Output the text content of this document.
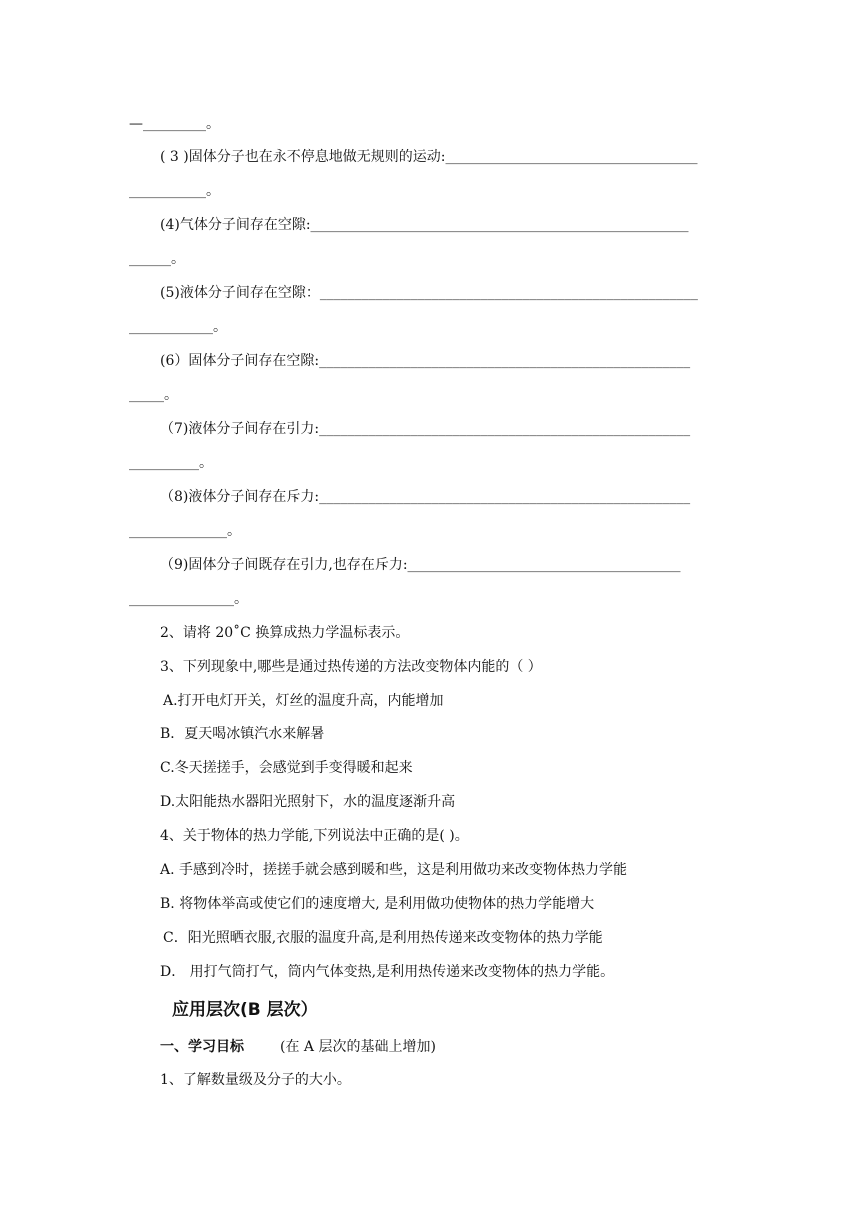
—_________。
( 3 )固体分子也在永不停息地做无规则的运动:____________________________________
___________。
(4)气体分子间存在空隙:______________________________________________________
______。
(5)液体分子间存在空隙：______________________________________________________
____________。
(6）固体分子间存在空隙:_____________________________________________________
_____。
（7)液体分子间存在引力:_____________________________________________________
__________。
（8)液体分子间存在斥力:_____________________________________________________
______________。
（9)固体分子间既存在引力,也存在斥力:_______________________________________
_______________。
2、请将 20˚C 换算成热力学温标表示。
3、下列现象中,哪些是通过热传递的方法改变物体内能的（ ）
A.打开电灯开关，灯丝的温度升高，内能增加
B．夏天喝冰镇汽水来解暑
C.冬天搓搓手，会感觉到手变得暖和起来
D.太阳能热水器阳光照射下，水的温度逐渐升高
4、关于物体的热力学能,下列说法中正确的是( )。
A. 手感到冷时，搓搓手就会感到暖和些，这是利用做功来改变物体热力学能
B. 将物体举高或使它们的速度增大, 是利用做功使物体的热力学能增大
C．阳光照晒衣服,衣服的温度升高,是利用热传递来改变物体的热力学能
D． 用打气筒打气，筒内气体变热,是利用热传递来改变物体的热力学能。
应用层次(B 层次）
一、学习目标	(在 A 层次的基础上增加)
1、了解数量级及分子的大小。
